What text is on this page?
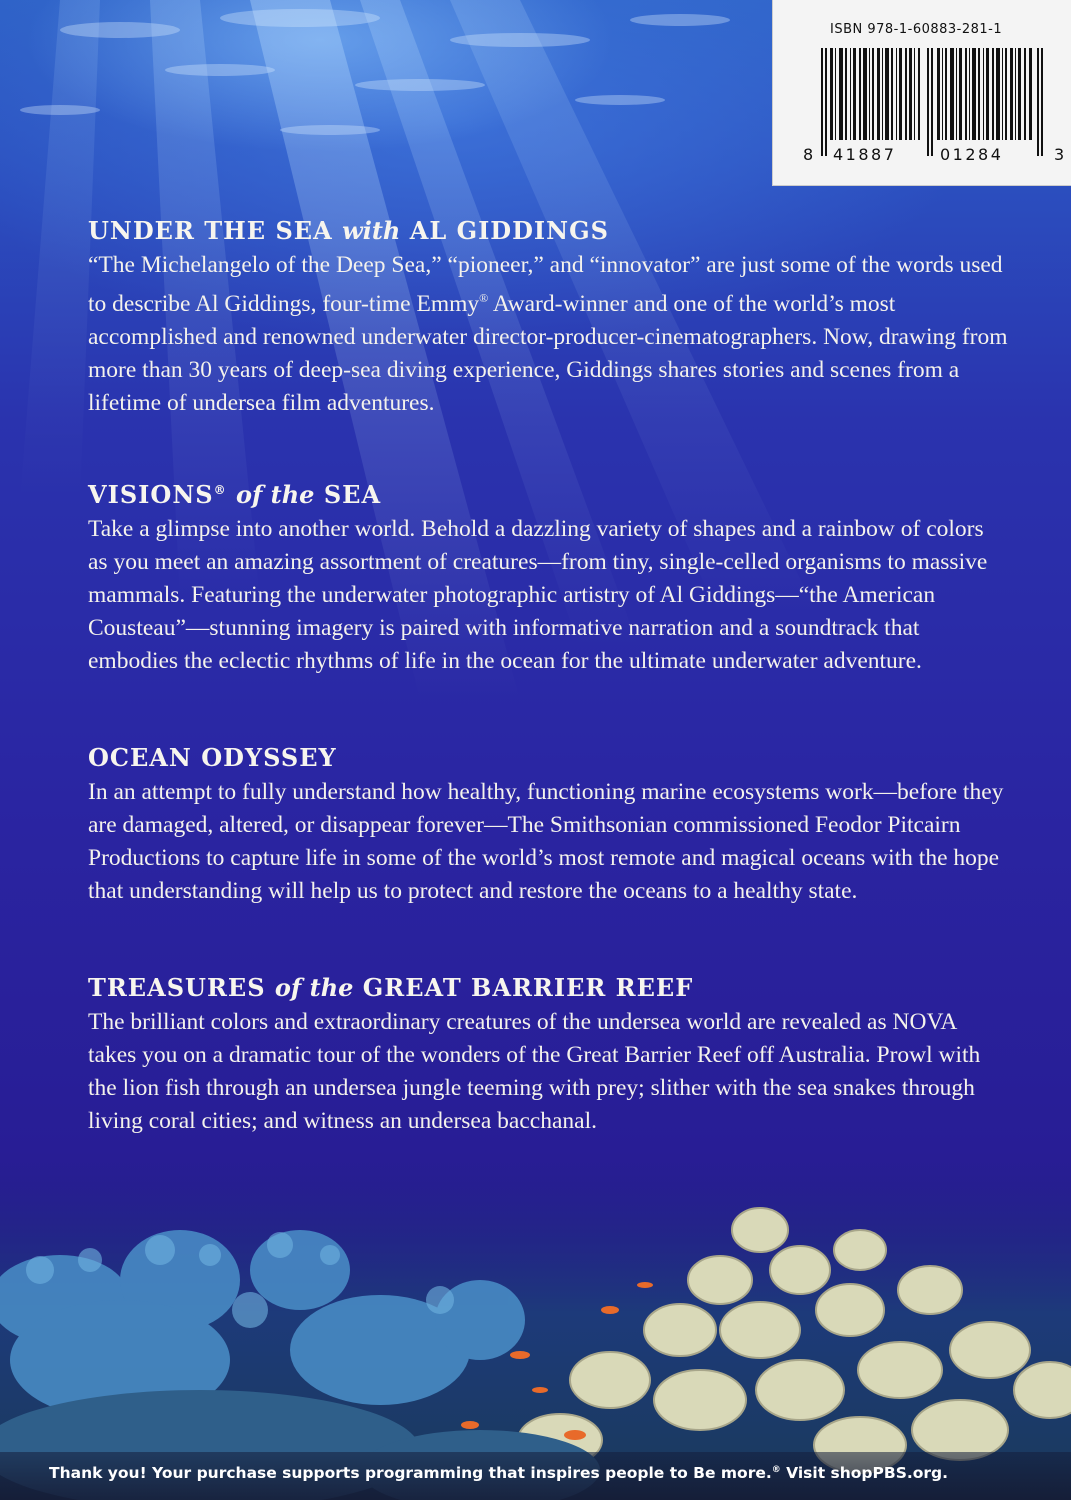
ISBN 978-1-60883-281-1
8 41887	01284	3
UNDER THE SEA with AL GIDDINGS

“The Michelangelo of the Deep Sea,” “pioneer,” and “innovator” are just some of the words used to describe Al Giddings, four-time Emmy® Award-winner and one of the world’s most accomplished and renowned underwater director-producer-cinematographers. Now, drawing from more than 30 years of deep-sea diving experience, Giddings shares stories and scenes from a lifetime of undersea film adventures.

VISIONS® of the SEA

Take a glimpse into another world. Behold a dazzling variety of shapes and a rainbow of colors as you meet an amazing assortment of creatures—from tiny, single-celled organisms to massive mammals. Featuring the underwater photographic artistry of Al Giddings—“the American Cousteau”—stunning imagery is paired with informative narration and a soundtrack that embodies the eclectic rhythms of life in the ocean for the ultimate underwater adventure.

OCEAN ODYSSEY

In an attempt to fully understand how healthy, functioning marine ecosystems work—before they are damaged, altered, or disappear forever—The Smithsonian commissioned Feodor Pitcairn Productions to capture life in some of the world’s most remote and magical oceans with the hope that understanding will help us to protect and restore the oceans to a healthy state.

TREASURES of the GREAT BARRIER REEF

The brilliant colors and extraordinary creatures of the undersea world are revealed as NOVA takes you on a dramatic tour of the wonders of the Great Barrier Reef off Australia. Prowl with the lion fish through an undersea jungle teeming with prey; slither with the sea snakes through living coral cities; and witness an undersea bacchanal.

Thank you! Your purchase supports programming that inspires people to Be more.® Visit shopPBS.org.
